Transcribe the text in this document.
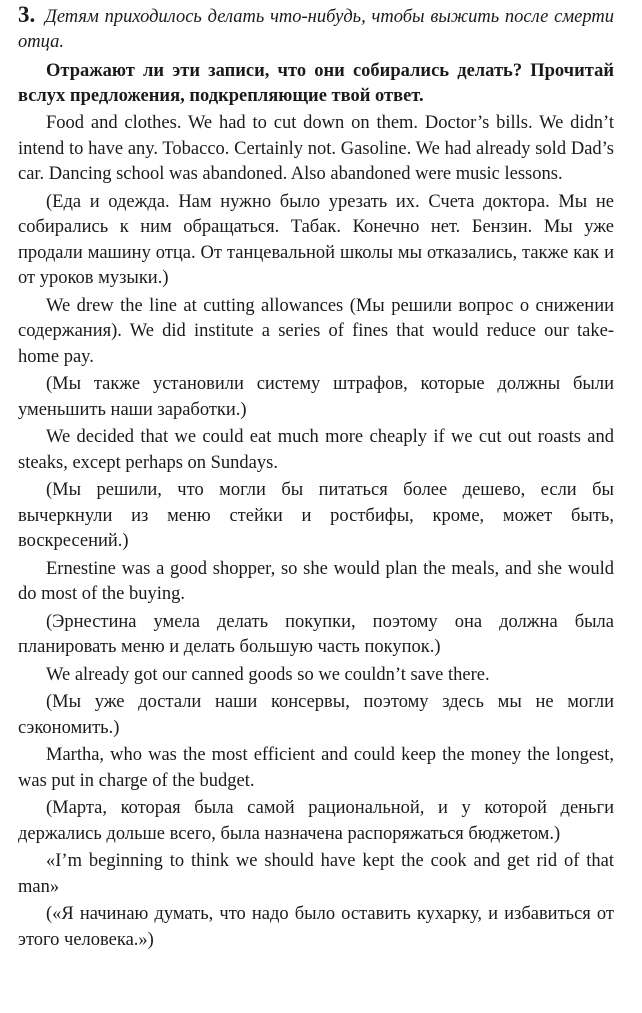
3. Детям приходилось делать что-нибудь, чтобы выжить после смерти отца.

Отражают ли эти записи, что они собирались делать? Прочитай вслух предложения, подкрепляющие твой ответ.

Food and clothes. We had to cut down on them. Doctor’s bills. We didn’t intend to have any. Tobacco. Certainly not. Gasoline. We had already sold Dad’s car. Dancing school was abandoned. Also abandoned were music lessons.

(Еда и одежда. Нам нужно было урезать их. Счета доктора. Мы не собирались к ним обращаться. Табак. Конечно нет. Бензин. Мы уже продали машину отца. От танцевальной школы мы отказались, также как и от уроков музыки.)

We drew the line at cutting allowances (Мы решили вопрос о снижении содержания). We did institute a series of fines that would reduce our take- home pay.

(Мы также установили систему штрафов, которые должны были уменьшить наши заработки.)

We decided that we could eat much more cheaply if we cut out roasts and steaks, except perhaps on Sundays.

(Мы решили, что могли бы питаться более дешево, если бы вычеркнули из меню стейки и ростбифы, кроме, может быть, воскресений.)

Ernestine was a good shopper, so she would plan the meals, and she would do most of the buying.

(Эрнестина умела делать покупки, поэтому она должна была планировать меню и делать большую часть покупок.)

We already got our canned goods so we couldn’t save there.

(Мы уже достали наши консервы, поэтому здесь мы не могли сэкономить.)

Martha, who was the most efficient and could keep the money the longest, was put in charge of the budget.

(Марта, которая была самой рациональной, и у которой деньги держались дольше всего, была назначена распоряжаться бюджетом.)

«I’m beginning to think we should have kept the cook and get rid of that man»

(«Я начинаю думать, что надо было оставить кухарку, и избавиться от этого человека.»)
